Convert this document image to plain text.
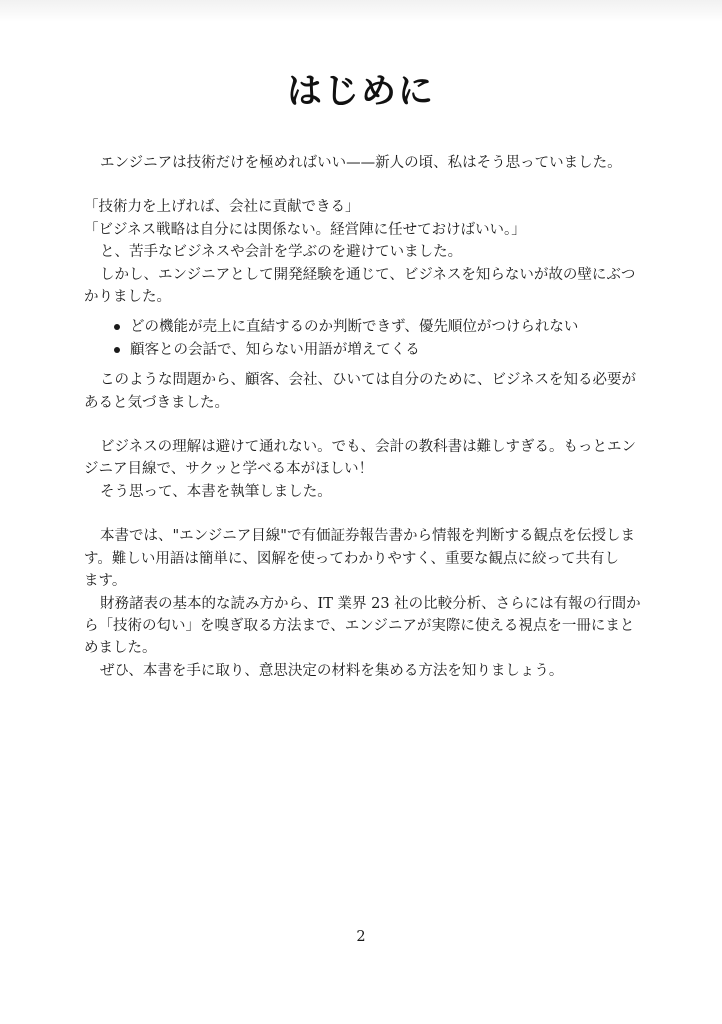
はじめに
エンジニアは技術だけを極めればいい——新人の頃、私はそう思っていました。
「技術力を上げれば、会社に貢献できる」
「ビジネス戦略は自分には関係ない。経営陣に任せておけばいい。」
と、苦手なビジネスや会計を学ぶのを避けていました。
しかし、エンジニアとして開発経験を通じて、ビジネスを知らないが故の壁にぶつ
かりました。
どの機能が売上に直結するのか判断できず、優先順位がつけられない
顧客との会話で、知らない用語が増えてくる
このような問題から、顧客、会社、ひいては自分のために、ビジネスを知る必要が
あると気づきました。
ビジネスの理解は避けて通れない。でも、会計の教科書は難しすぎる。もっとエン
ジニア目線で、サクッと学べる本がほしい！
そう思って、本書を執筆しました。
本書では、"エンジニア目線"で有価証券報告書から情報を判断する観点を伝授しま
す。難しい用語は簡単に、図解を使ってわかりやすく、重要な観点に絞って共有し
ます。
財務諸表の基本的な読み方から、IT 業界 23 社の比較分析、さらには有報の行間か
ら「技術の匂い」を嗅ぎ取る方法まで、エンジニアが実際に使える視点を一冊にまと
めました。
ぜひ、本書を手に取り、意思決定の材料を集める方法を知りましょう。
2
